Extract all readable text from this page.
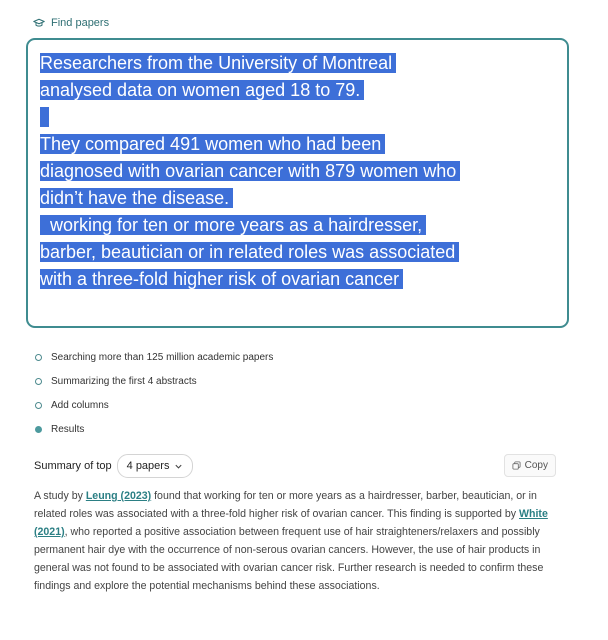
Find papers
Researchers from the University of Montreal
analysed data on women aged 18 to 79.

They compared 491 women who had been
diagnosed with ovarian cancer with 879 women who
didn’t have the disease.
working for ten or more years as a hairdresser,
barber, beautician or in related roles was associated
with a three-fold higher risk of ovarian cancer
Searching more than 125 million academic papers
Summarizing the first 4 abstracts
Add columns
Results
Summary of top 4 papers	Copy
A study by Leung (2023) found that working for ten or more years as a hairdresser, barber, beautician, or in related roles was associated with a three-fold higher risk of ovarian cancer. This finding is supported by White (2021), who reported a positive association between frequent use of hair straighteners/relaxers and possibly permanent hair dye with the occurrence of non-serous ovarian cancers. However, the use of hair products in general was not found to be associated with ovarian cancer risk. Further research is needed to confirm these findings and explore the potential mechanisms behind these associations.
